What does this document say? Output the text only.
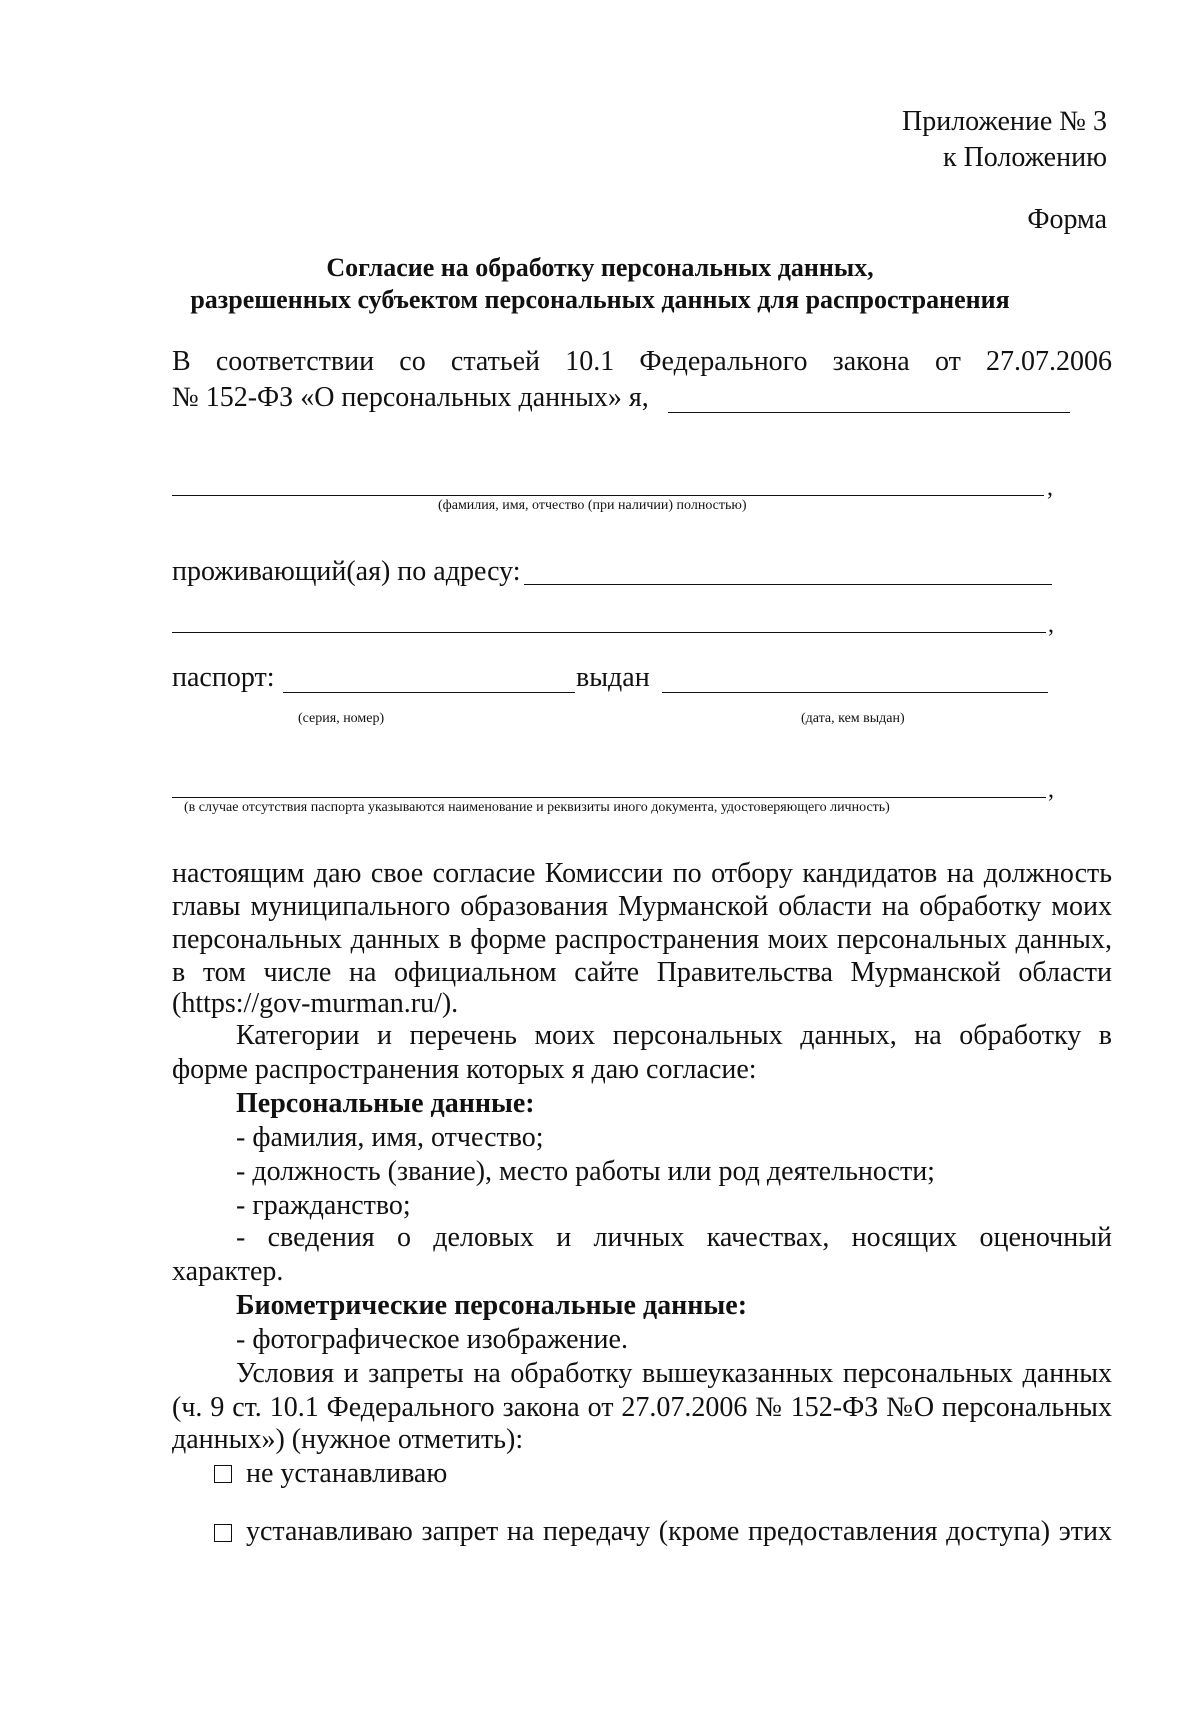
Приложение № 3
к Положению
Форма
Согласие на обработку персональных данных,
разрешенных субъектом персональных данных для распространения
В соответствии со статьей 10.1 Федерального закона от 27.07.2006
№ 152-ФЗ «О персональных данных» я,
,
(фамилия, имя, отчество (при наличии) полностью)
проживающий(ая) по адресу:
,
паспорт:	выдан
(серия, номер)	(дата, кем выдан)
,
(в случае отсутствия паспорта указываются наименование и реквизиты иного документа, удостоверяющего личность)
настоящим даю свое согласие Комиссии по отбору кандидатов на должность
главы муниципального образования Мурманской области на обработку моих
персональных данных в форме распространения моих персональных данных,
в том числе на официальном сайте Правительства Мурманской области
(https://gov-murman.ru/).
Категории и перечень моих персональных данных, на обработку в
форме распространения которых я даю согласие:
Персональные данные:
- фамилия, имя, отчество;
- должность (звание), место работы или род деятельности;
- гражданство;
- сведения о деловых и личных качествах, носящих оценочный
характер.
Биометрические персональные данные:
- фотографическое изображение.
Условия и запреты на обработку вышеуказанных персональных данных
(ч. 9 ст. 10.1 Федерального закона от 27.07.2006 № 152-ФЗ №О персональных
данных») (нужное отметить):
не устанавливаю
устанавливаю запрет на передачу (кроме предоставления доступа) этих
